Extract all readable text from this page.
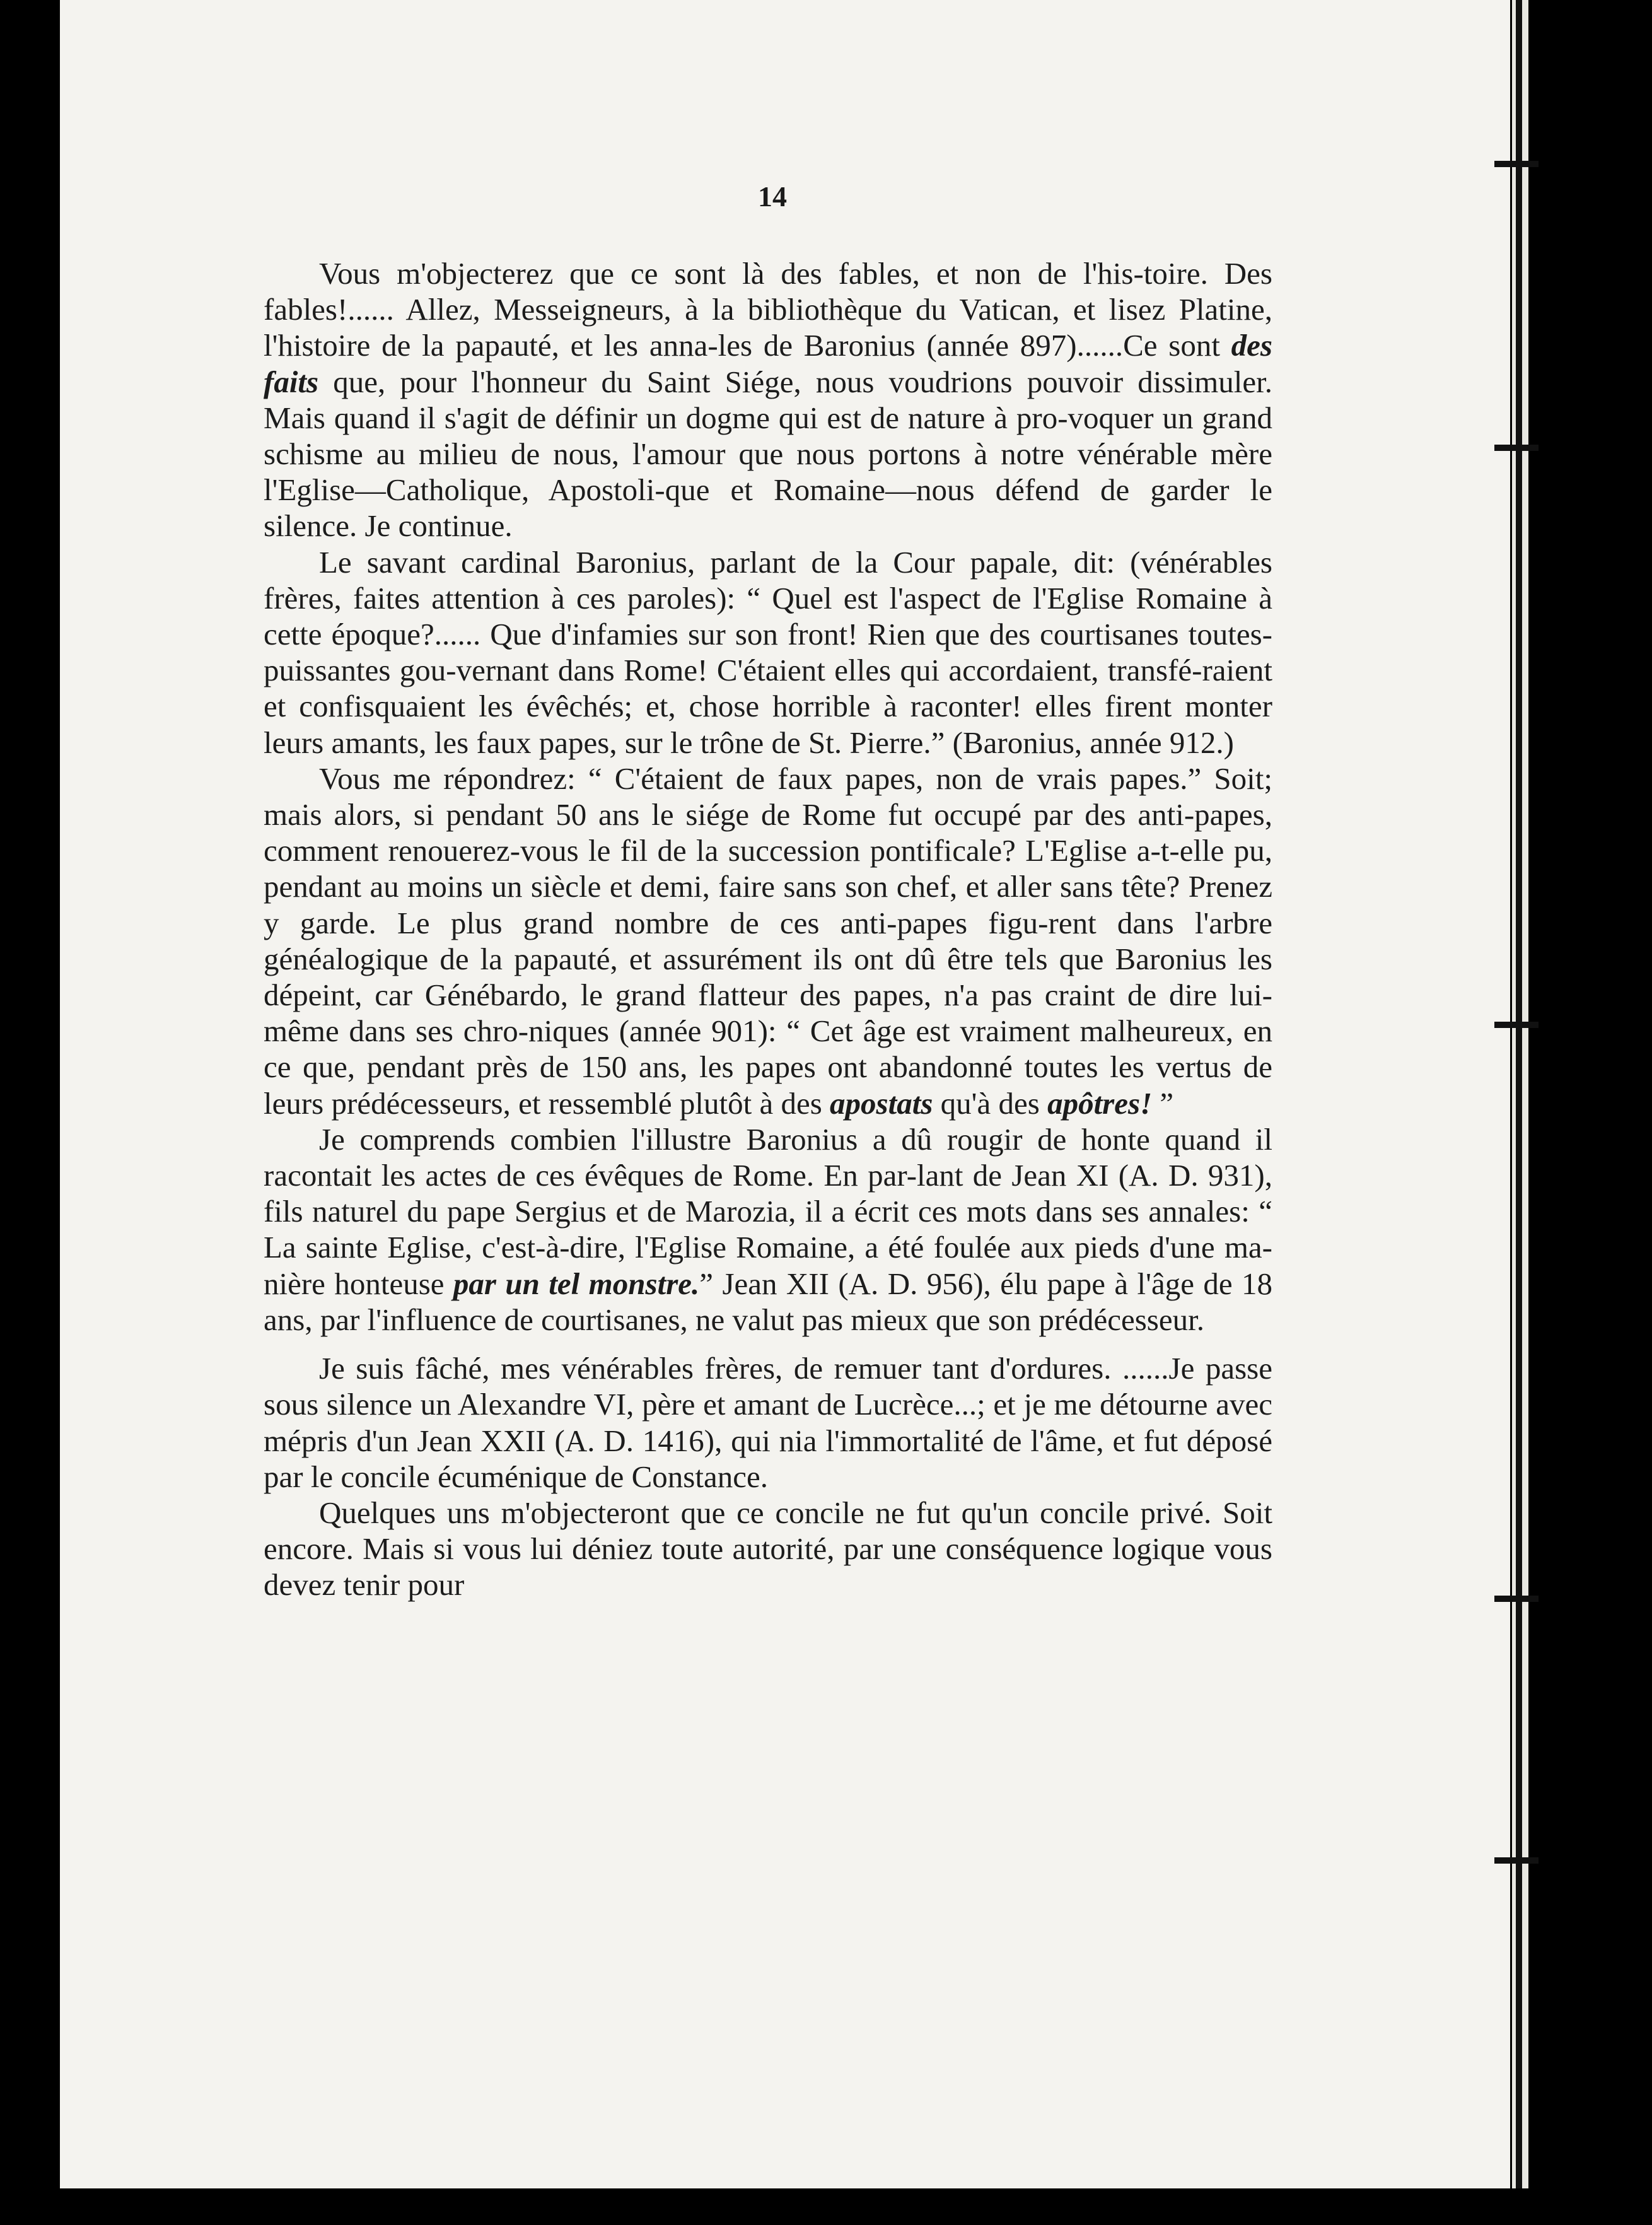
14

Vous m'objecterez que ce sont là des fables, et non de l'his-toire. Des fables!...... Allez, Messeigneurs, à la bibliothèque du Vatican, et lisez Platine, l'histoire de la papauté, et les anna-les de Baronius (année 897)......Ce sont des faits que, pour l'honneur du Saint Siége, nous voudrions pouvoir dissimuler. Mais quand il s'agit de définir un dogme qui est de nature à pro-voquer un grand schisme au milieu de nous, l'amour que nous portons à notre vénérable mère l'Eglise—Catholique, Apostoli-que et Romaine—nous défend de garder le silence. Je continue.

Le savant cardinal Baronius, parlant de la Cour papale, dit: (vénérables frères, faites attention à ces paroles): “ Quel est l'aspect de l'Eglise Romaine à cette époque?...... Que d'infamies sur son front! Rien que des courtisanes toutes-puissantes gou-vernant dans Rome! C'étaient elles qui accordaient, transfé-raient et confisquaient les évêchés; et, chose horrible à raconter! elles firent monter leurs amants, les faux papes, sur le trône de St. Pierre.” (Baronius, année 912.)

Vous me répondrez: “ C'étaient de faux papes, non de vrais papes.” Soit; mais alors, si pendant 50 ans le siége de Rome fut occupé par des anti-papes, comment renouerez-vous le fil de la succession pontificale? L'Eglise a-t-elle pu, pendant au moins un siècle et demi, faire sans son chef, et aller sans tête? Prenez y garde. Le plus grand nombre de ces anti-papes figu-rent dans l'arbre généalogique de la papauté, et assurément ils ont dû être tels que Baronius les dépeint, car Génébardo, le grand flatteur des papes, n'a pas craint de dire lui-même dans ses chro-niques (année 901): “ Cet âge est vraiment malheureux, en ce que, pendant près de 150 ans, les papes ont abandonné toutes les vertus de leurs prédécesseurs, et ressemblé plutôt à des apostats qu'à des apôtres! ”

Je comprends combien l'illustre Baronius a dû rougir de honte quand il racontait les actes de ces évêques de Rome. En par-lant de Jean XI (A. D. 931), fils naturel du pape Sergius et de Marozia, il a écrit ces mots dans ses annales: “ La sainte Eglise, c'est-à-dire, l'Eglise Romaine, a été foulée aux pieds d'une ma-nière honteuse par un tel monstre.” Jean XII (A. D. 956), élu pape à l'âge de 18 ans, par l'influence de courtisanes, ne valut pas mieux que son prédécesseur.

Je suis fâché, mes vénérables frères, de remuer tant d'ordures. ......Je passe sous silence un Alexandre VI, père et amant de Lucrèce...; et je me détourne avec mépris d'un Jean XXII (A. D. 1416), qui nia l'immortalité de l'âme, et fut déposé par le concile écuménique de Constance.

Quelques uns m'objecteront que ce concile ne fut qu'un concile privé. Soit encore. Mais si vous lui déniez toute autorité, par une conséquence logique vous devez tenir pour
